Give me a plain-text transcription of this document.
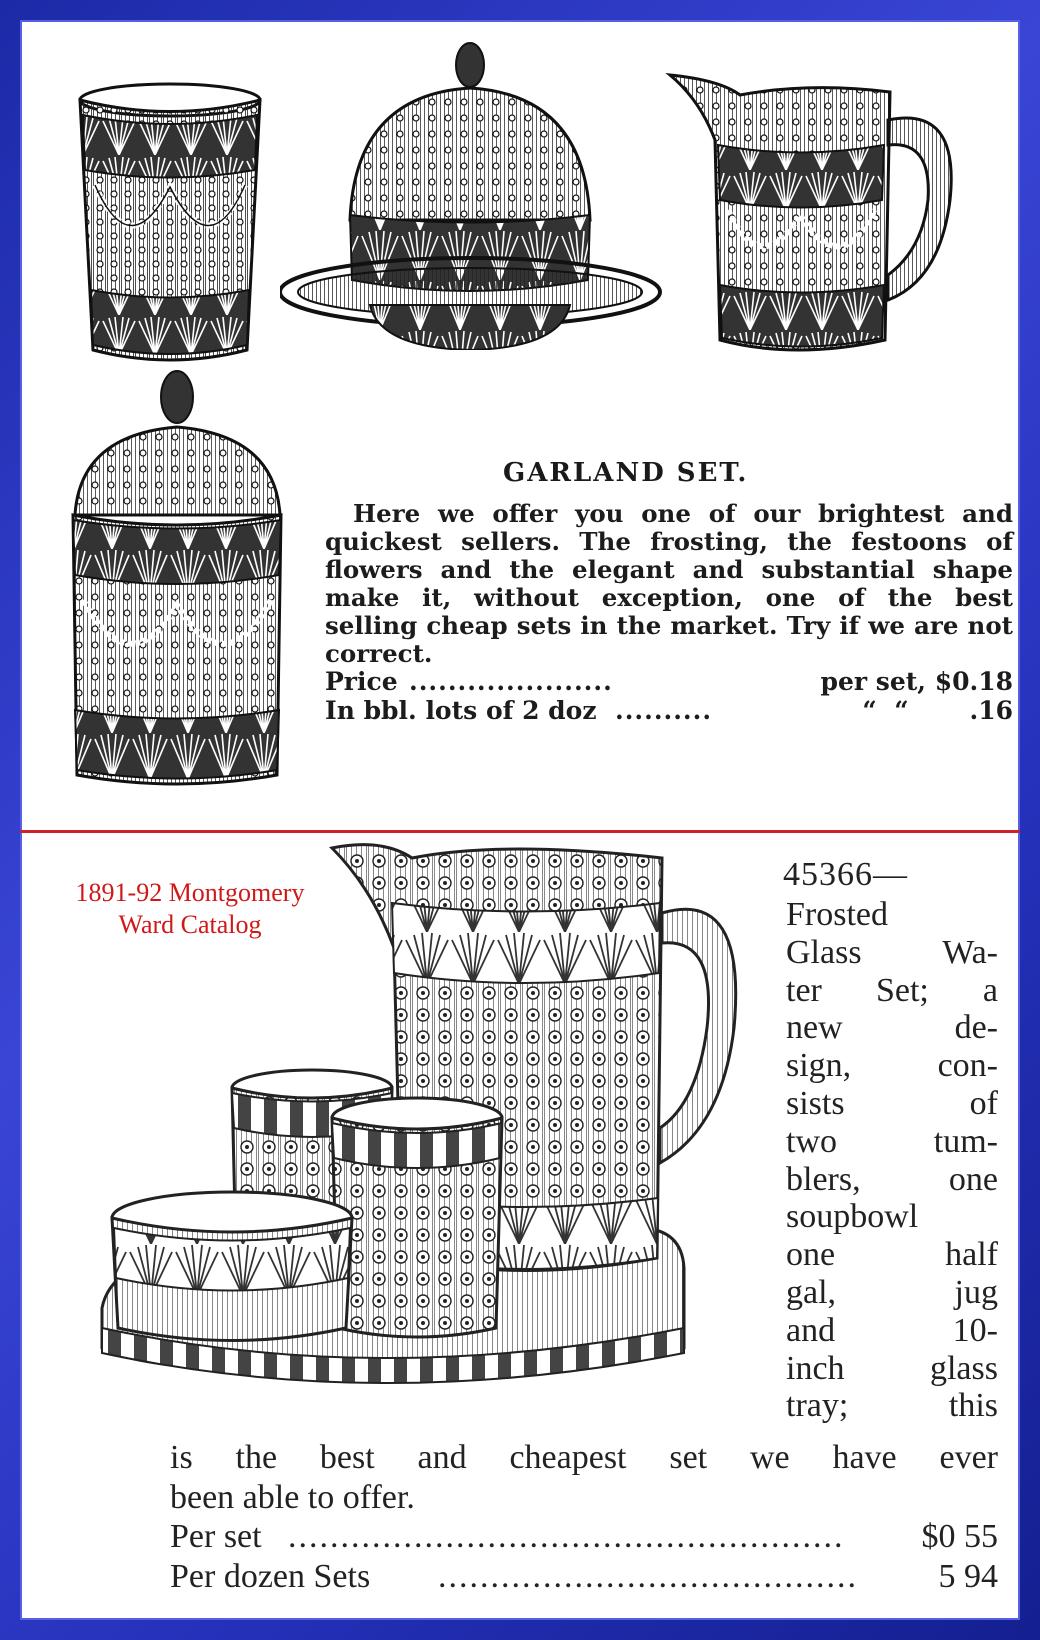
GARLAND SET.
Here we offer you one of our brightest and quickest sellers. The frosting, the festoons of flowers and the elegant and substantial shape make it, without exception, one of the best selling cheap sets in the market. Try if we are not correct.
Price .....................	per set, $0.18
In bbl. lots of 2 doz ..........	“  “       .16
1891-92 Montgomery
Ward Catalog
45366—
Frosted
Glass Wa-
ter Set; a
new de-
sign, con-
sists of
two tum-
blers, one
soupbowl
one half
gal, jug
and 10-
inch glass
tray; this
is the best and cheapest set we have ever
been able to offer.
Per set .....................................................	$0 55
Per dozen Sets ........................................ 5 94
